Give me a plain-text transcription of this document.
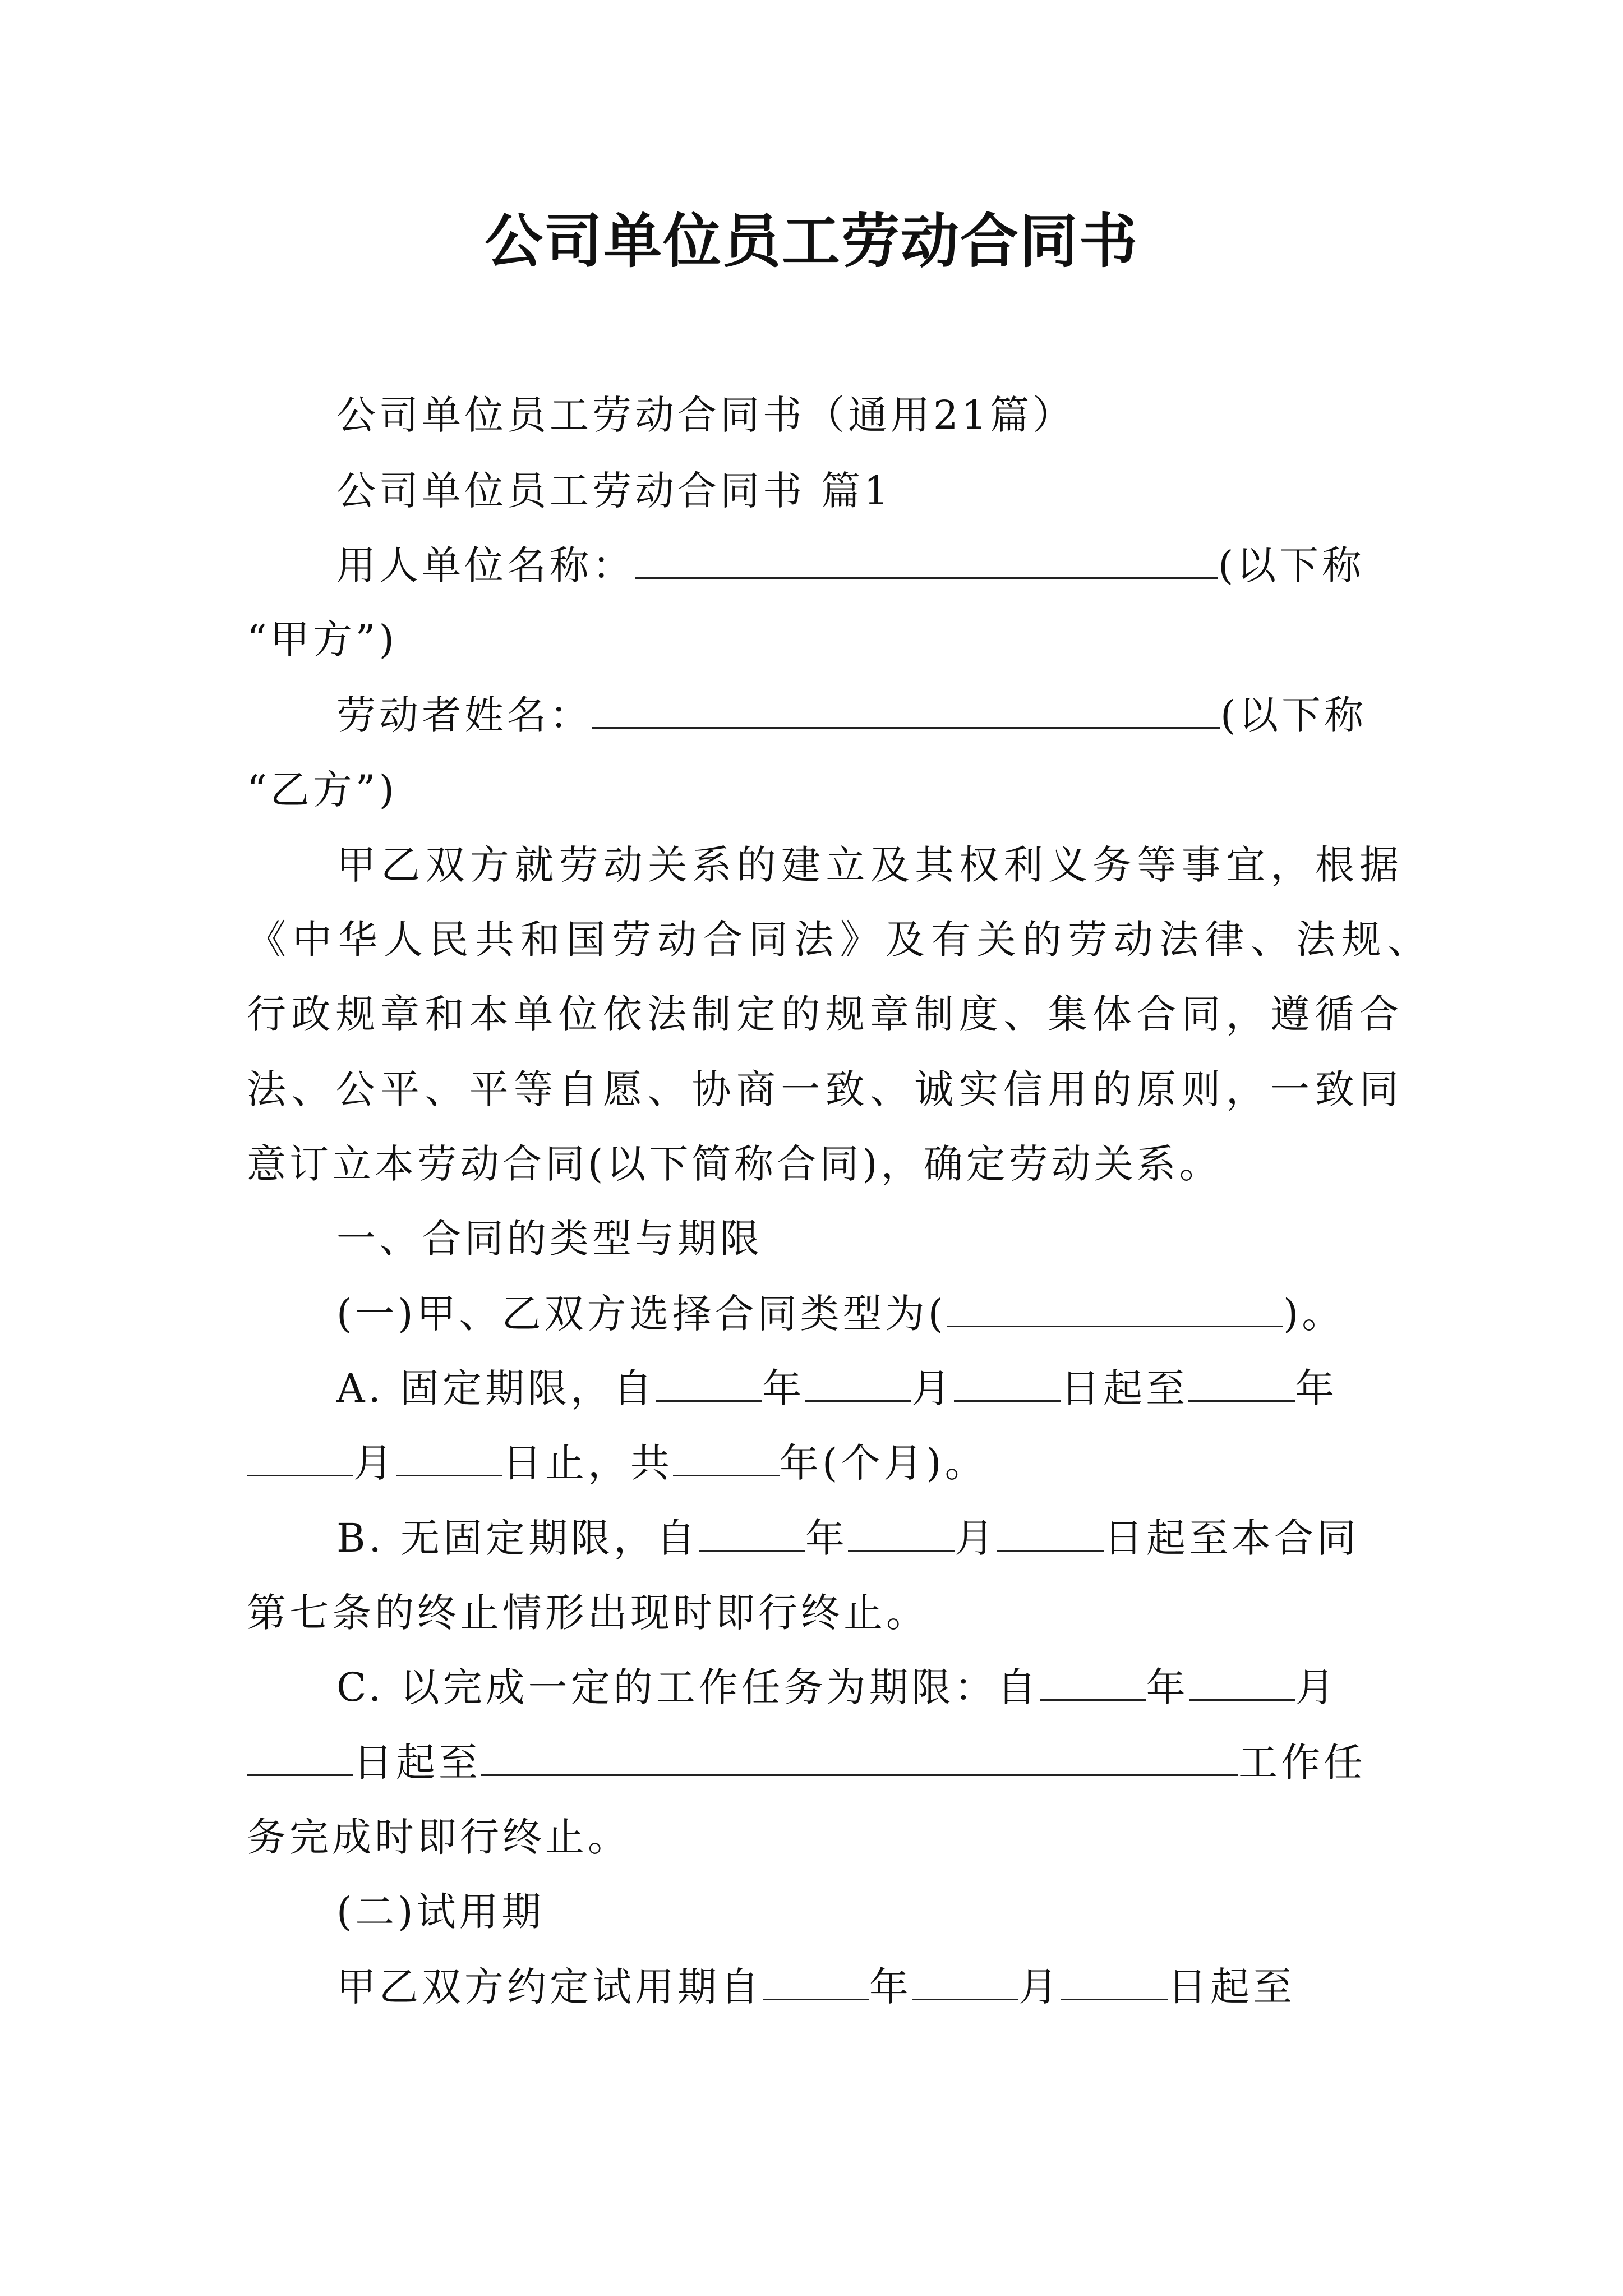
公司单位员工劳动合同书
公司单位员工劳动合同书（通用21篇）
公司单位员工劳动合同书 篇1
用人单位名称：	(以下称
“甲方”)
劳动者姓名：	(以下称
“乙方”)
甲乙双方就劳动关系的建立及其权利义务等事宜，根据
《中华人民共和国劳动合同法》及有关的劳动法律、法规、
行政规章和本单位依法制定的规章制度、集体合同，遵循合
法、公平、平等自愿、协商一致、诚实信用的原则，一致同
意订立本劳动合同(以下简称合同)，确定劳动关系。
一、合同的类型与期限
(一)甲、乙双方选择合同类型为(	)。
A. 固定期限，自	年	月	日起至	年
月	日止，共	年(个月)。
B. 无固定期限，自	年	月	日起至本合同
第七条的终止情形出现时即行终止。
C. 以完成一定的工作任务为期限：自	年	月
日起至	工作任
务完成时即行终止。
(二)试用期
甲乙双方约定试用期自	年	月	日起至
